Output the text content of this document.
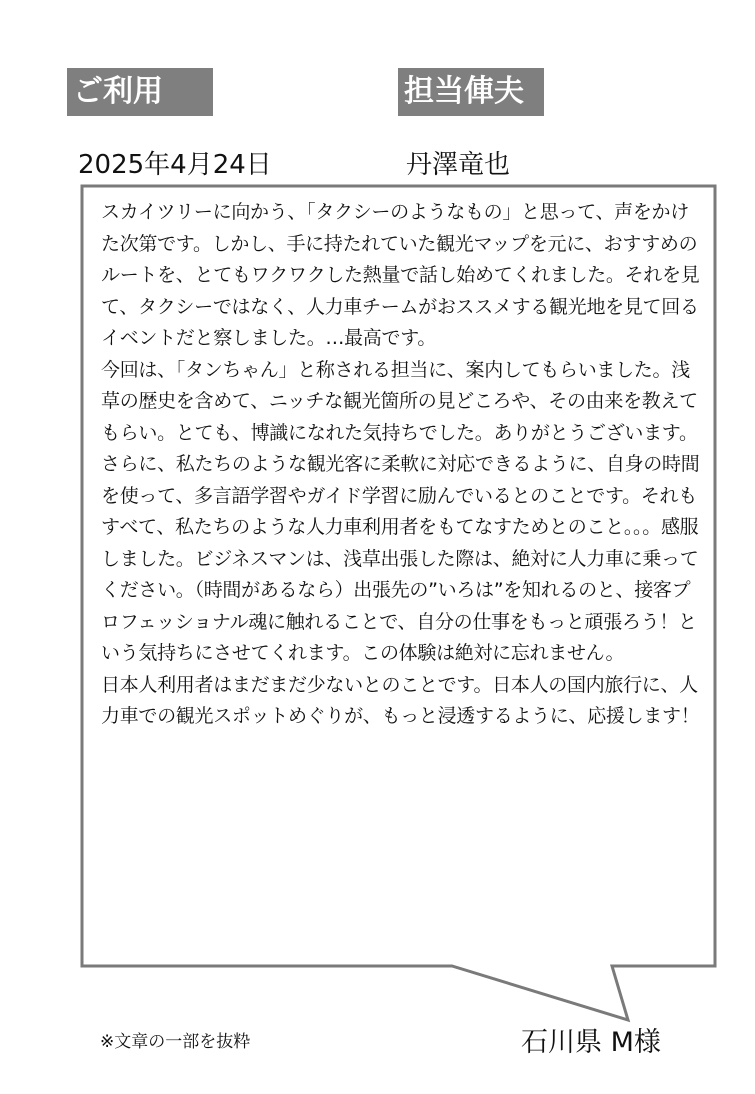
ご利用	担当俥夫
2025年4月24日	丹澤竜也

スカイツリーに向かう、「タクシーのようなもの」と思って、声をかけた次第です。しかし、手に持たれていた観光マップを元に、おすすめのルートを、とてもワクワクした熱量で話し始めてくれました。それを見て、タクシーではなく、人力車チームがおススメする観光地を見て回るイベントだと察しました。…最高です。

今回は、「タンちゃん」と称される担当に、案内してもらいました。浅草の歴史を含めて、ニッチな観光箇所の見どころや、その由来を教えてもらい。とても、博識になれた気持ちでした。ありがとうございます。

さらに、私たちのような観光客に柔軟に対応できるように、自身の時間を使って、多言語学習やガイド学習に励んでいるとのことです。それもすべて、私たちのような人力車利用者をもてなすためとのこと。。。感服しました。ビジネスマンは、浅草出張した際は、絶対に人力車に乗ってください。（時間があるなら）出張先の”いろは”を知れるのと、接客プロフェッショナル魂に触れることで、自分の仕事をもっと頑張ろう！という気持ちにさせてくれます。この体験は絶対に忘れません。

日本人利用者はまだまだ少ないとのことです。日本人の国内旅行に、人力車での観光スポットめぐりが、もっと浸透するように、応援します！

※文章の一部を抜粋	石川県 M様
